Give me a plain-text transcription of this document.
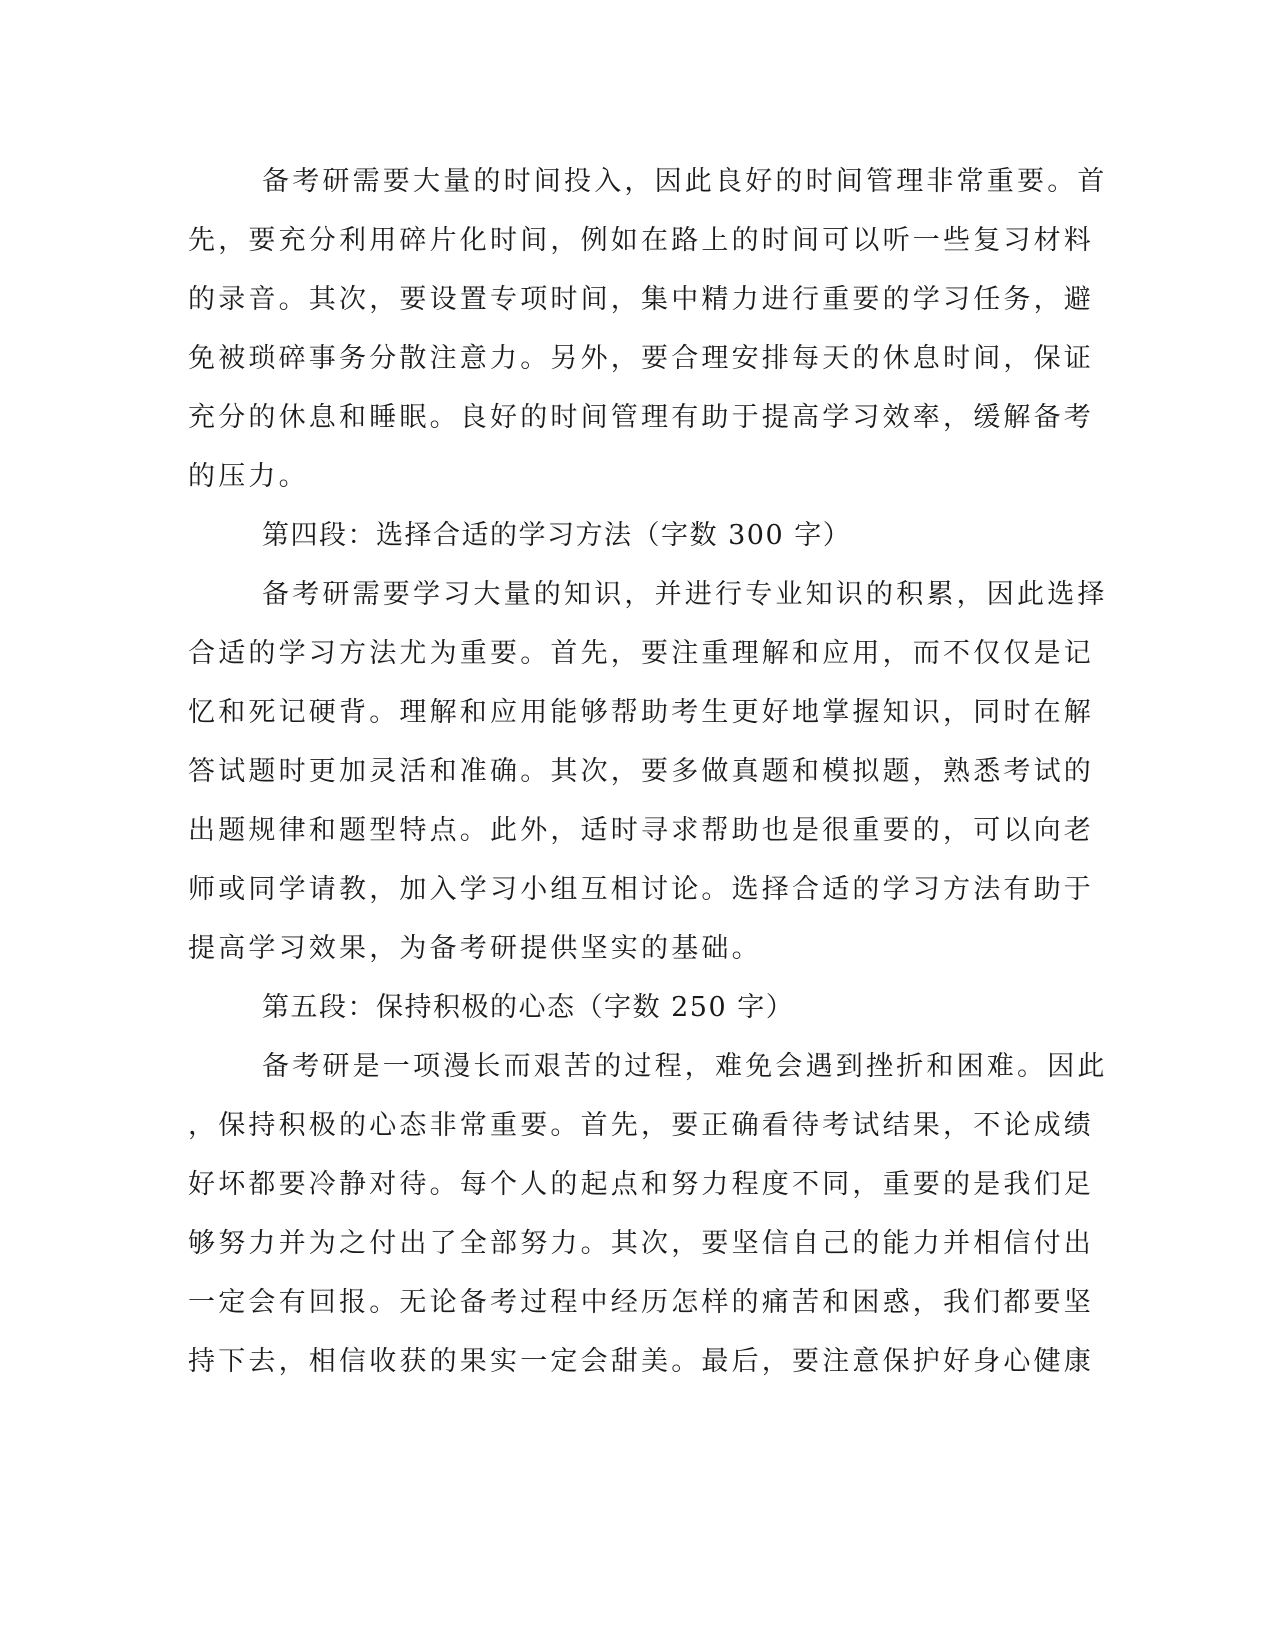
备考研需要大量的时间投入，因此良好的时间管理非常重要。首
先，要充分利用碎片化时间，例如在路上的时间可以听一些复习材料
的录音。其次，要设置专项时间，集中精力进行重要的学习任务，避
免被琐碎事务分散注意力。另外，要合理安排每天的休息时间，保证
充分的休息和睡眠。良好的时间管理有助于提高学习效率，缓解备考
的压力。
第四段：选择合适的学习方法（字数 300 字）
备考研需要学习大量的知识，并进行专业知识的积累，因此选择
合适的学习方法尤为重要。首先，要注重理解和应用，而不仅仅是记
忆和死记硬背。理解和应用能够帮助考生更好地掌握知识，同时在解
答试题时更加灵活和准确。其次，要多做真题和模拟题，熟悉考试的
出题规律和题型特点。此外，适时寻求帮助也是很重要的，可以向老
师或同学请教，加入学习小组互相讨论。选择合适的学习方法有助于
提高学习效果，为备考研提供坚实的基础。
第五段：保持积极的心态（字数 250 字）
备考研是一项漫长而艰苦的过程，难免会遇到挫折和困难。因此
，保持积极的心态非常重要。首先，要正确看待考试结果，不论成绩
好坏都要冷静对待。每个人的起点和努力程度不同，重要的是我们足
够努力并为之付出了全部努力。其次，要坚信自己的能力并相信付出
一定会有回报。无论备考过程中经历怎样的痛苦和困惑，我们都要坚
持下去，相信收获的果实一定会甜美。最后，要注意保护好身心健康
